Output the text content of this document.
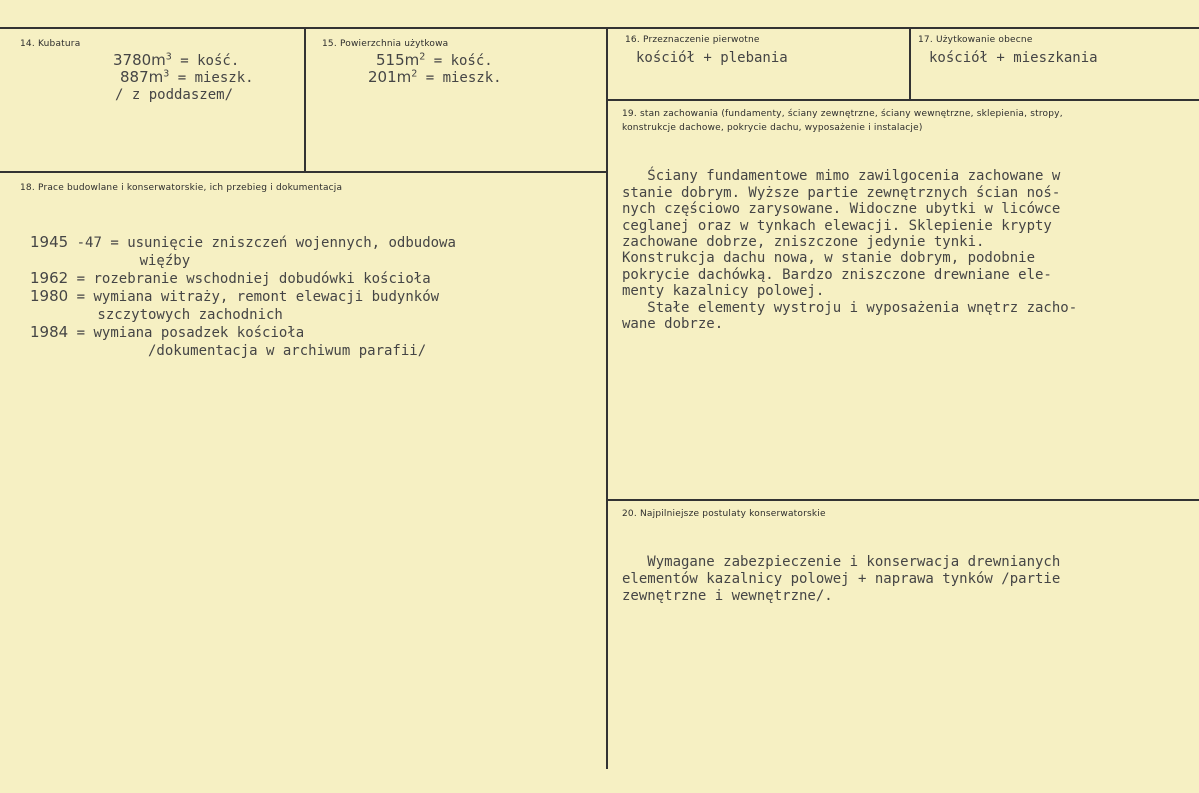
14. Kubatura
$3780m^3$ = kość.
$887m^3$ = mieszk.
/ z poddaszem/
15. Powierzchnia użytkowa
$515m^2$ = kość.
$201m^2$ = mieszk.
16. Przeznaczenie pierwotne
kościół + plebania
17. Użytkowanie obecne
kościół + mieszkania
18. Prace budowlane i konserwatorskie, ich przebieg i dokumentacja

1945 -47 = usunięcie zniszczeń wojennych, odbudowa
więźby
1962 = rozebranie wschodniej dobudówki kościoła
1980 = wymiana witraży, remont elewacji budynków
szczytowych zachodnich
1984 = wymiana posadzek kościoła
/dokumentacja w archiwum parafii/

19. stan zachowania (fundamenty, ściany zewnętrzne, ściany wewnętrzne, sklepienia, stropy,
konstrukcje dachowe, pokrycie dachu, wyposażenie i instalacje)

Ściany fundamentowe mimo zawilgocenia zachowane w
stanie dobrym. Wyższe partie zewnętrznych ścian noś-
nych częściowo zarysowane. Widoczne ubytki w licówce
ceglanej oraz w tynkach elewacji. Sklepienie krypty
zachowane dobrze, zniszczone jedynie tynki.
Konstrukcja dachu nowa, w stanie dobrym, podobnie
pokrycie dachówką. Bardzo zniszczone drewniane ele-
menty kazalnicy polowej.
Stałe elementy wystroju i wyposażenia wnętrz zacho-
wane dobrze.

20. Najpilniejsze postulaty konserwatorskie

Wymagane zabezpieczenie i konserwacja drewnianych
elementów kazalnicy polowej + naprawa tynków /partie
zewnętrzne i wewnętrzne/.
